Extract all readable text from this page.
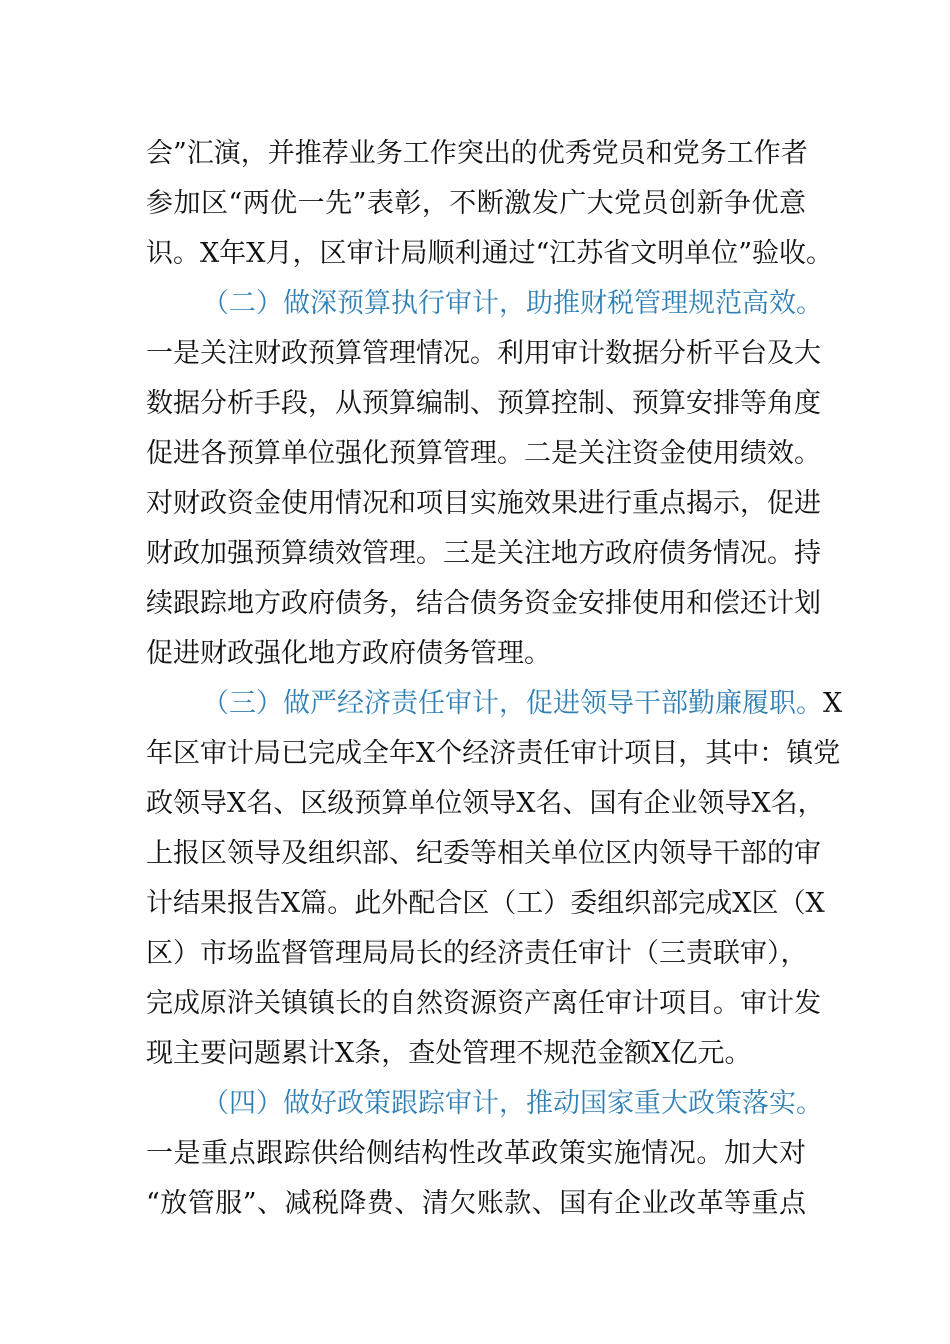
会”汇演，并推荐业务工作突出的优秀党员和党务工作者
参加区“两优一先”表彰，不断激发广大党员创新争优意
识。X年X月，区审计局顺利通过“江苏省文明单位”验收。
（二）做深预算执行审计，助推财税管理规范高效。
一是关注财政预算管理情况。利用审计数据分析平台及大
数据分析手段，从预算编制、预算控制、预算安排等角度
促进各预算单位强化预算管理。二是关注资金使用绩效。
对财政资金使用情况和项目实施效果进行重点揭示，促进
财政加强预算绩效管理。三是关注地方政府债务情况。持
续跟踪地方政府债务，结合债务资金安排使用和偿还计划
促进财政强化地方政府债务管理。
（三）做严经济责任审计，促进领导干部勤廉履职。X
年区审计局已完成全年X个经济责任审计项目，其中：镇党
政领导X名、区级预算单位领导X名、国有企业领导X名，
上报区领导及组织部、纪委等相关单位区内领导干部的审
计结果报告X篇。此外配合区（工）委组织部完成X区（X
区）市场监督管理局局长的经济责任审计（三责联审），
完成原浒关镇镇长的自然资源资产离任审计项目。审计发
现主要问题累计X条，查处管理不规范金额X亿元。
（四）做好政策跟踪审计，推动国家重大政策落实。
一是重点跟踪供给侧结构性改革政策实施情况。加大对
“放管服”、减税降费、清欠账款、国有企业改革等重点
